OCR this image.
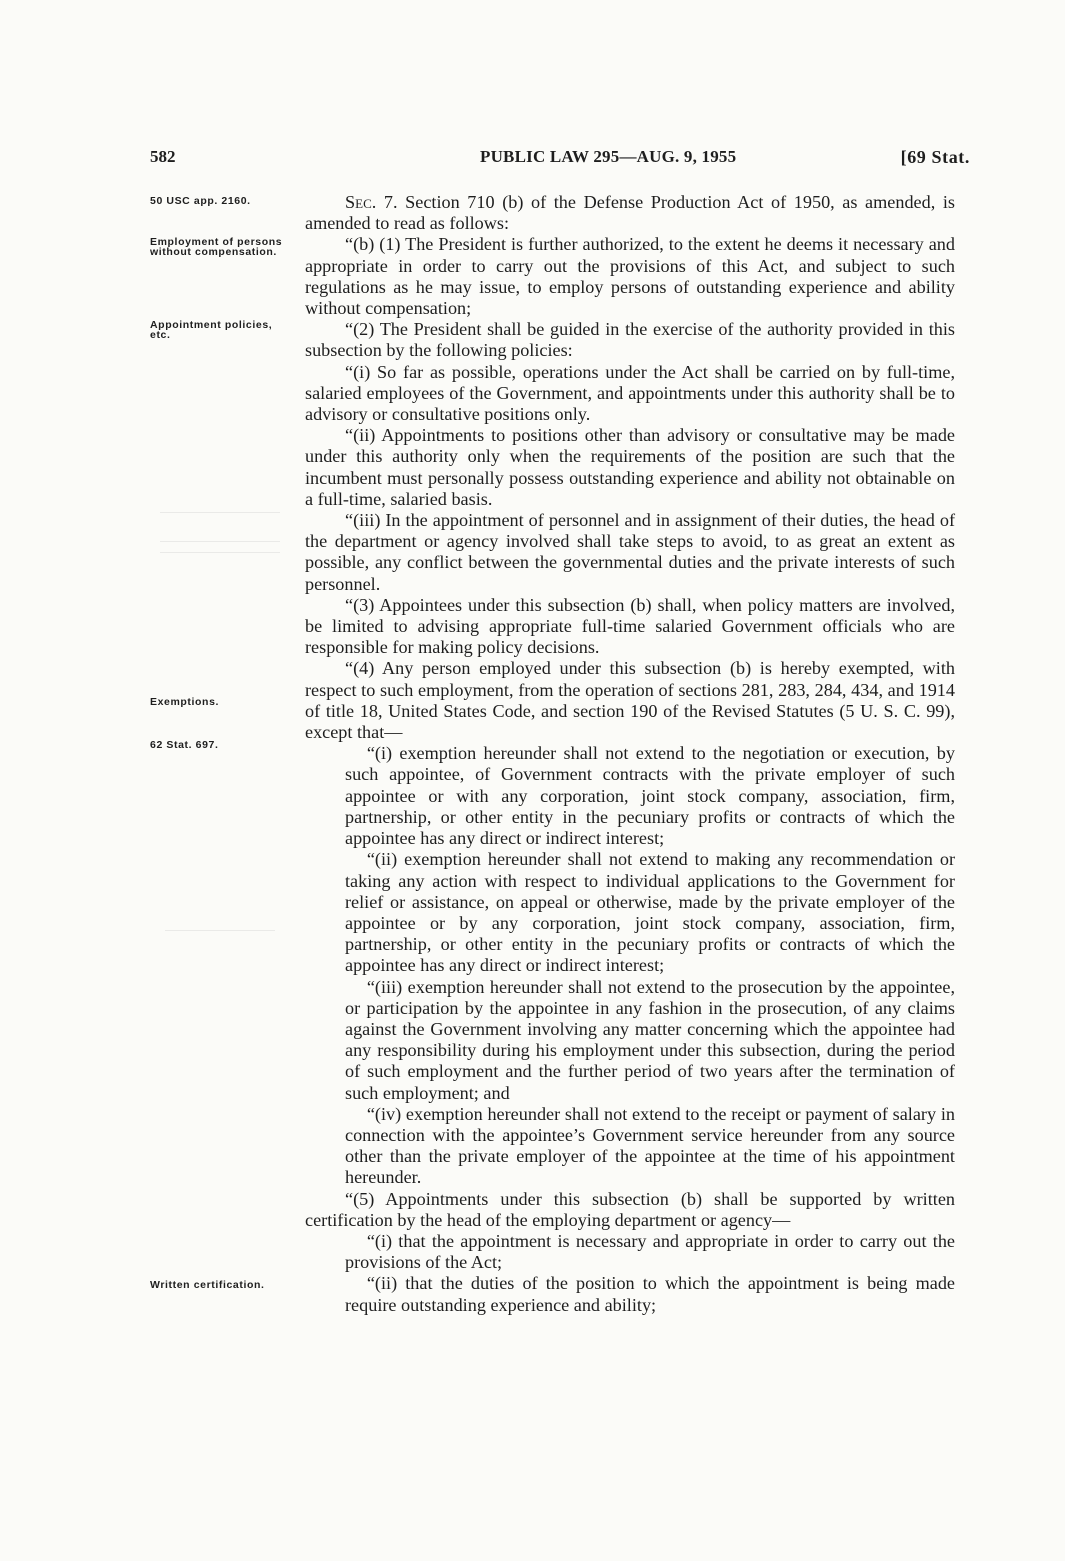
582	PUBLIC LAW 295—AUG. 9, 1955	[69 Stat.
50 USC app. 2160.
Employment of persons without compensation.
Appointment policies, etc.
Exemptions.
62 Stat. 697.
Written certification.

Sec. 7. Section 710 (b) of the Defense Production Act of 1950, as amended, is amended to read as follows:

“(b) (1) The President is further authorized, to the extent he deems it necessary and appropriate in order to carry out the provisions of this Act, and subject to such regulations as he may issue, to employ persons of outstanding experience and ability without compensation;

“(2) The President shall be guided in the exercise of the authority provided in this subsection by the following policies:

“(i) So far as possible, operations under the Act shall be carried on by full-time, salaried employees of the Government, and appointments under this authority shall be to advisory or consultative positions only.

“(ii) Appointments to positions other than advisory or consultative may be made under this authority only when the requirements of the position are such that the incumbent must personally possess outstanding experience and ability not obtainable on a full-time, salaried basis.

“(iii) In the appointment of personnel and in assignment of their duties, the head of the department or agency involved shall take steps to avoid, to as great an extent as possible, any conflict between the governmental duties and the private interests of such personnel.

“(3) Appointees under this subsection (b) shall, when policy matters are involved, be limited to advising appropriate full-time salaried Government officials who are responsible for making policy decisions.

“(4) Any person employed under this subsection (b) is hereby exempted, with respect to such employment, from the operation of sections 281, 283, 284, 434, and 1914 of title 18, United States Code, and section 190 of the Revised Statutes (5 U. S. C. 99), except that—

“(i) exemption hereunder shall not extend to the negotiation or execution, by such appointee, of Government contracts with the private employer of such appointee or with any corporation, joint stock company, association, firm, partnership, or other entity in the pecuniary profits or contracts of which the appointee has any direct or indirect interest;

“(ii) exemption hereunder shall not extend to making any recommendation or taking any action with respect to individual applications to the Government for relief or assistance, on appeal or otherwise, made by the private employer of the appointee or by any corporation, joint stock company, association, firm, partnership, or other entity in the pecuniary profits or contracts of which the appointee has any direct or indirect interest;

“(iii) exemption hereunder shall not extend to the prosecution by the appointee, or participation by the appointee in any fashion in the prosecution, of any claims against the Government involving any matter concerning which the appointee had any responsibility during his employment under this subsection, during the period of such employment and the further period of two years after the termination of such employment; and

“(iv) exemption hereunder shall not extend to the receipt or payment of salary in connection with the appointee’s Government service hereunder from any source other than the private employer of the appointee at the time of his appointment hereunder.

“(5) Appointments under this subsection (b) shall be supported by written certification by the head of the employing department or agency—

“(i) that the appointment is necessary and appropriate in order to carry out the provisions of the Act;

“(ii) that the duties of the position to which the appointment is being made require outstanding experience and ability;
